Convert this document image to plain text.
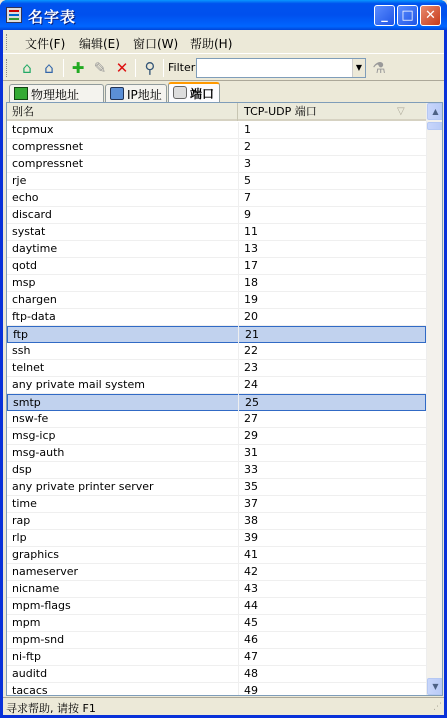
名字表	_	□ ✕
文件(F) 编辑(E) 窗口(W) 帮助(H)
⌂ ⌂	✚ ✎ ✕	⚲	Filter	▼ ⚗
物理地址	IP地址 端口
别名	TCP-UDP 端口	▽
tcpmux	1
compressnet	2
compressnet	3
rje	5
echo	7
discard	9
systat	11
daytime	13
qotd	17
msp	18
chargen	19
ftp-data	20
ftp	21
ssh	22
telnet	23
any private mail system	24
smtp	25
nsw-fe	27
msg-icp	29
msg-auth	31
dsp	33
any private printer server	35
time	37
rap	38
rlp	39
graphics	41
nameserver	42
nicname	43
mpm-flags	44
mpm	45
mpm-snd	46
ni-ftp	47
auditd	48
tacacs	49
▲
▼
寻求帮助, 请按 F1	⋰
